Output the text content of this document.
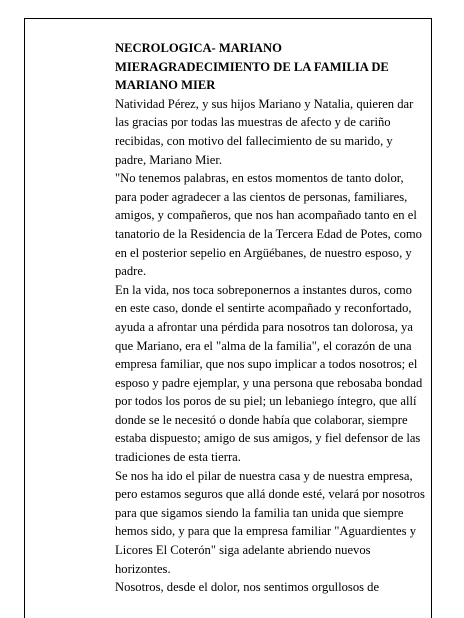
NECROLOGICA- MARIANO

MIERAGRADECIMIENTO DE LA FAMILIA DE MARIANO MIER

Natividad Pérez, y sus hijos Mariano y Natalia, quieren dar las gracias por todas las muestras de afecto y de cariño recibidas, con motivo del fallecimiento de su marido, y padre, Mariano Mier.

"No tenemos palabras, en estos momentos de tanto dolor, para poder agradecer a las cientos de personas, familiares, amigos, y compañeros, que nos han acompañado tanto en el tanatorio de la Residencia de la Tercera Edad de Potes, como en el posterior sepelio en Argüébanes, de nuestro esposo, y padre.

En la vida, nos toca sobreponernos a instantes duros, como en este caso, donde el sentirte acompañado y reconfortado, ayuda a afrontar una pérdida para nosotros tan dolorosa, ya que Mariano, era el "alma de la familia", el corazón de una empresa familiar, que nos supo implicar a todos nosotros; el esposo y padre ejemplar, y una persona que rebosaba bondad por todos los poros de su piel; un lebaniego íntegro, que allí donde se le necesitó o donde había que colaborar, siempre estaba dispuesto; amigo de sus amigos, y fiel defensor de las tradiciones de esta tierra.

Se nos ha ido el pilar de nuestra casa y de nuestra empresa, pero estamos seguros que allá donde esté, velará por nosotros para que sigamos siendo la familia tan unida que siempre hemos sido, y para que la empresa familiar "Aguardientes y Licores El Coterón" siga adelante abriendo nuevos horizontes.

Nosotros, desde el dolor, nos sentimos orgullosos de
